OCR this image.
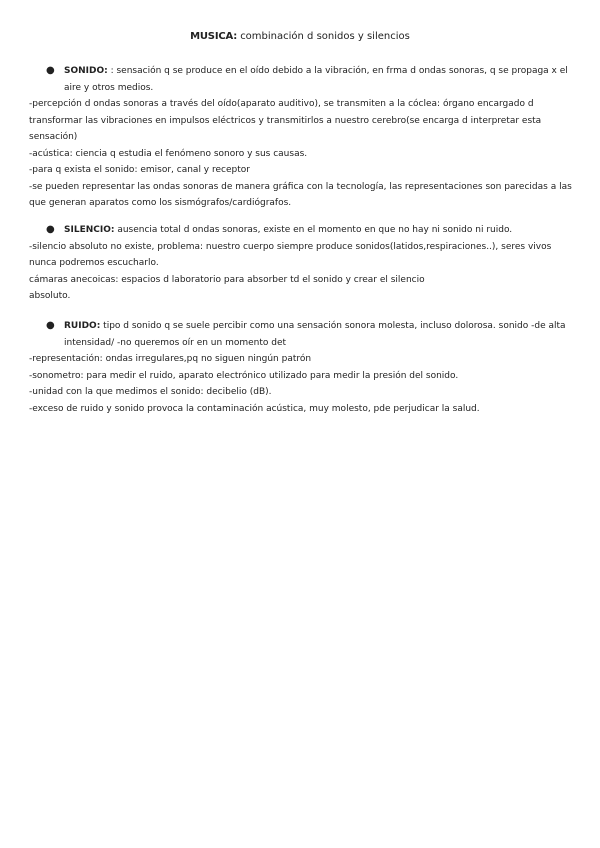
MUSICA: combinación d sonidos y silencios
● SONIDO: : sensación q se produce en el oído debido a la vibración, en frma d ondas sonoras, q se propaga x el aire y otros medios.
-percepción d ondas sonoras a través del oído(aparato auditivo), se transmiten a la cóclea: órgano encargado d transformar las vibraciones en impulsos eléctricos y transmitirlos a nuestro cerebro(se encarga d interpretar esta sensación)
-acústica: ciencia q estudia el fenómeno sonoro y sus causas.
-para q exista el sonido: emisor, canal y receptor
-se pueden representar las ondas sonoras de manera gráfica con la tecnología, las representaciones son parecidas a las que generan aparatos como los sismógrafos/cardiógrafos.
● SILENCIO: ausencia total d ondas sonoras, existe en el momento en que no hay ni sonido ni ruido.
-silencio absoluto no existe, problema: nuestro cuerpo siempre produce sonidos(latidos,respiraciones..), seres vivos nunca podremos escucharlo.
cámaras anecoicas: espacios d laboratorio para absorber td el sonido y crear el silencio
absoluto.
● RUIDO: tipo d sonido q se suele percibir como una sensación sonora molesta, incluso dolorosa. sonido -de alta intensidad/ -no queremos oír en un momento det
-representación: ondas irregulares,pq no siguen ningún patrón
-sonometro: para medir el ruido, aparato electrónico utilizado para medir la presión del sonido.
-unidad con la que medimos el sonido: decibelio (dB).
-exceso de ruido y sonido provoca la contaminación acústica, muy molesto, pde perjudicar la salud.
